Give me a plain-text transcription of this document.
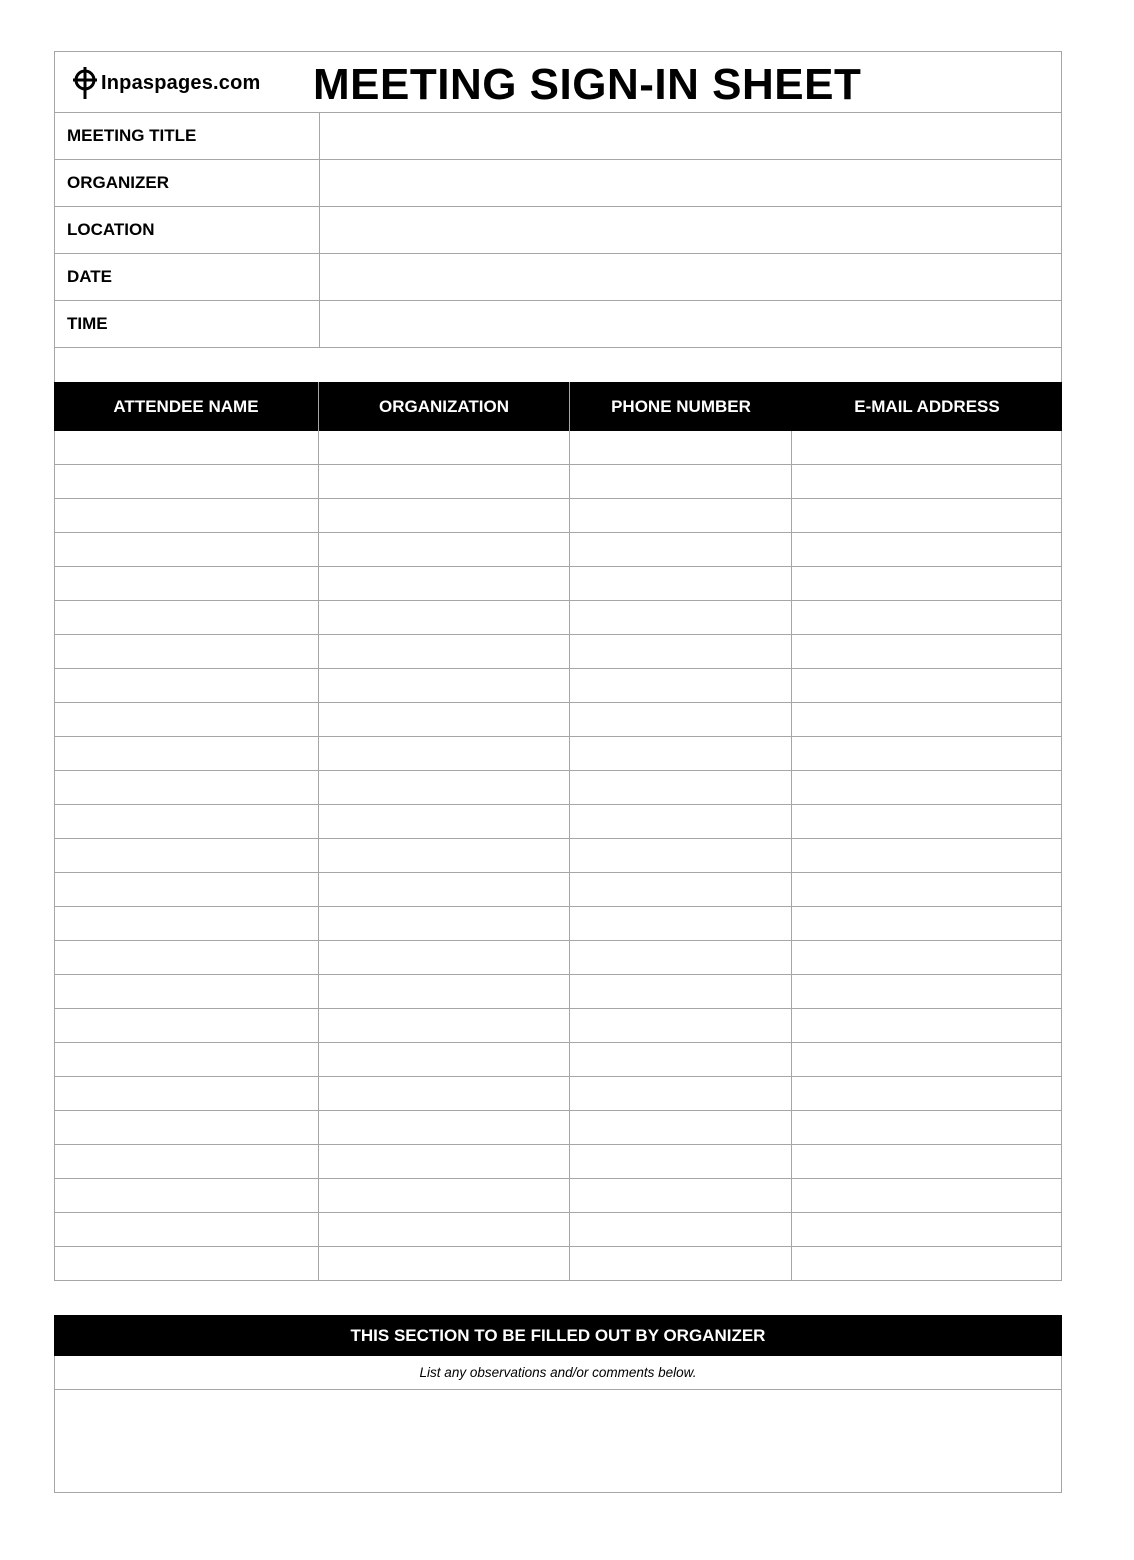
Inpaspages.com MEETING SIGN-IN SHEET
MEETING TITLE
ORGANIZER
LOCATION
DATE
TIME
ATTENDEE NAME	ORGANIZATION	PHONE NUMBER	E-MAIL ADDRESS
THIS SECTION TO BE FILLED OUT BY ORGANIZER
List any observations and/or comments below.
